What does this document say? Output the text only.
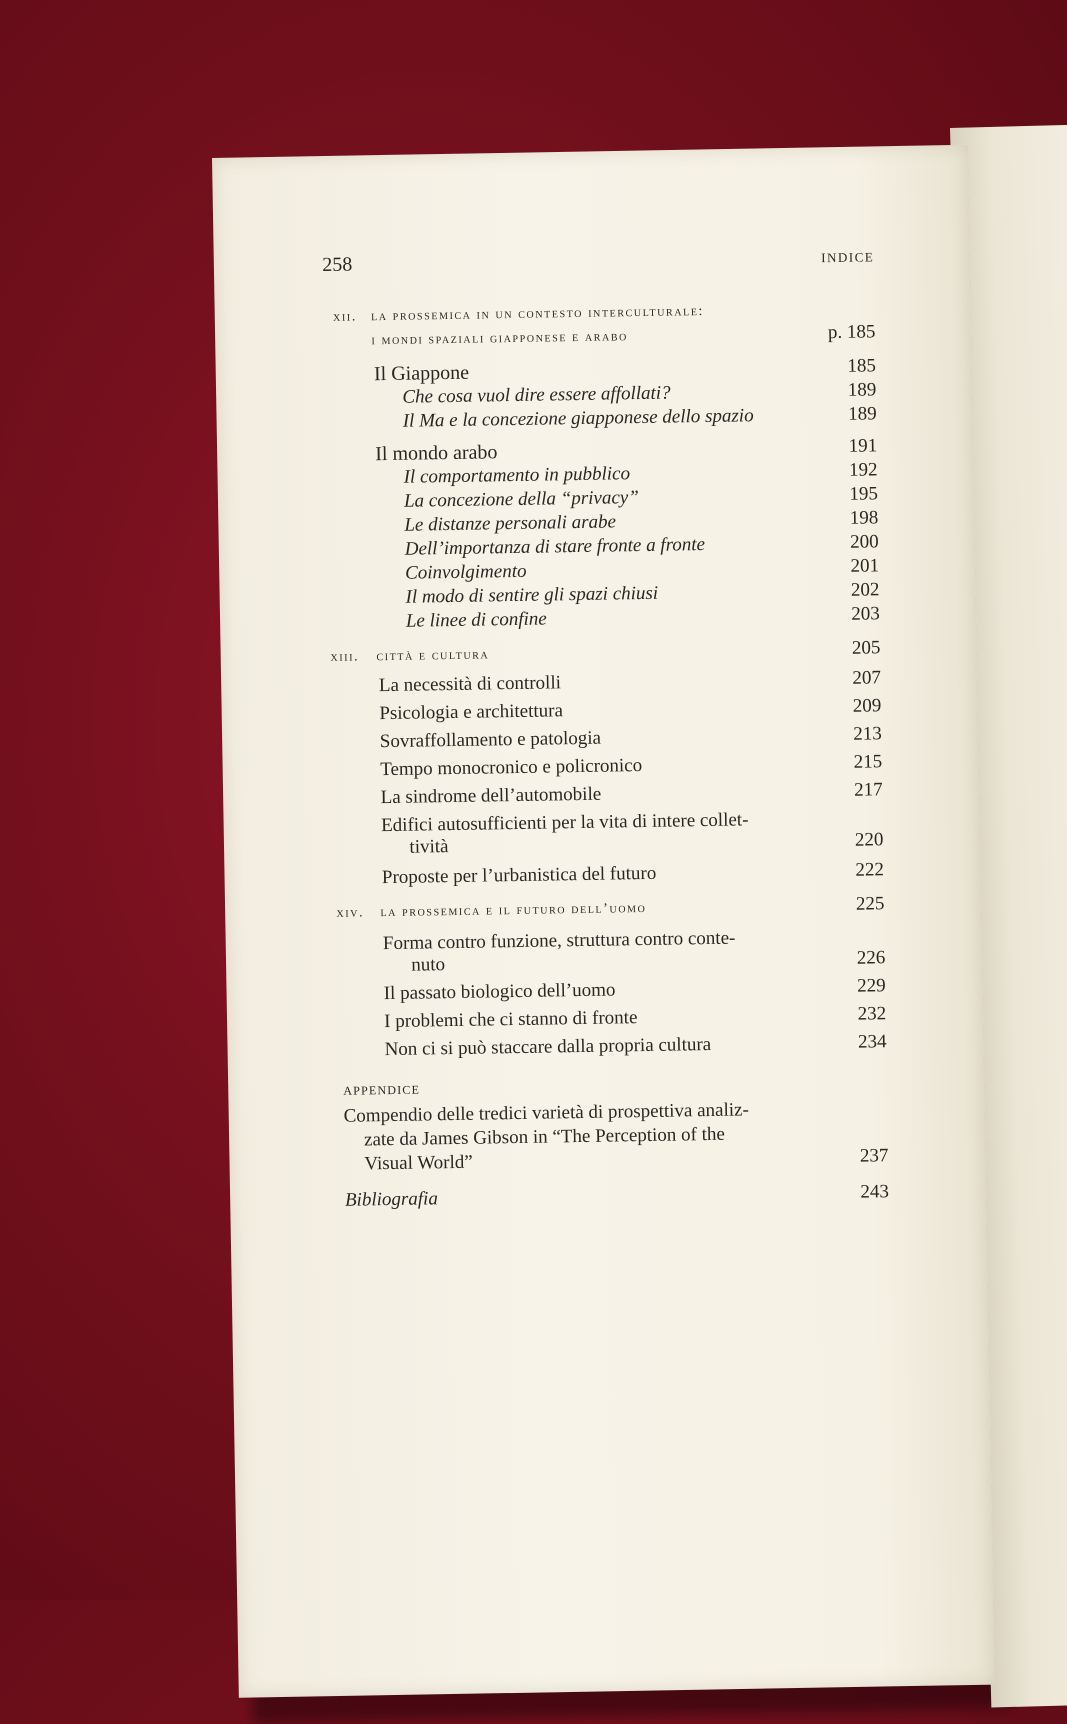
258	INDICE
xii. la prossemica in un contesto interculturale:
i mondi spaziali giapponese e arabo	p. 185
Il Giappone	185
Che cosa vuol dire essere affollati?	189
Il Ma e la concezione giapponese dello spazio	189
Il mondo arabo	191
Il comportamento in pubblico	192
La concezione della “privacy”	195
Le distanze personali arabe	198
Dell’importanza di stare fronte a fronte	200
Coinvolgimento	201
Il modo di sentire gli spazi chiusi	202
Le linee di confine	203
xiii. città e cultura	205
La necessità di controlli	207
Psicologia e architettura	209
Sovraffollamento e patologia	213
Tempo monocronico e policronico	215
La sindrome dell’automobile	217
Edifici autosufficienti per la vita di intere collet-
tività	220
Proposte per l’urbanistica del futuro	222
xiv. la prossemica e il futuro dell’uomo	225
Forma contro funzione, struttura contro conte-
nuto	226
Il passato biologico dell’uomo	229
I problemi che ci stanno di fronte	232
Non ci si può staccare dalla propria cultura	234
APPENDICE
Compendio delle tredici varietà di prospettiva analiz-
zate da James Gibson in “The Perception of the
Visual World”	237
Bibliografia	243
